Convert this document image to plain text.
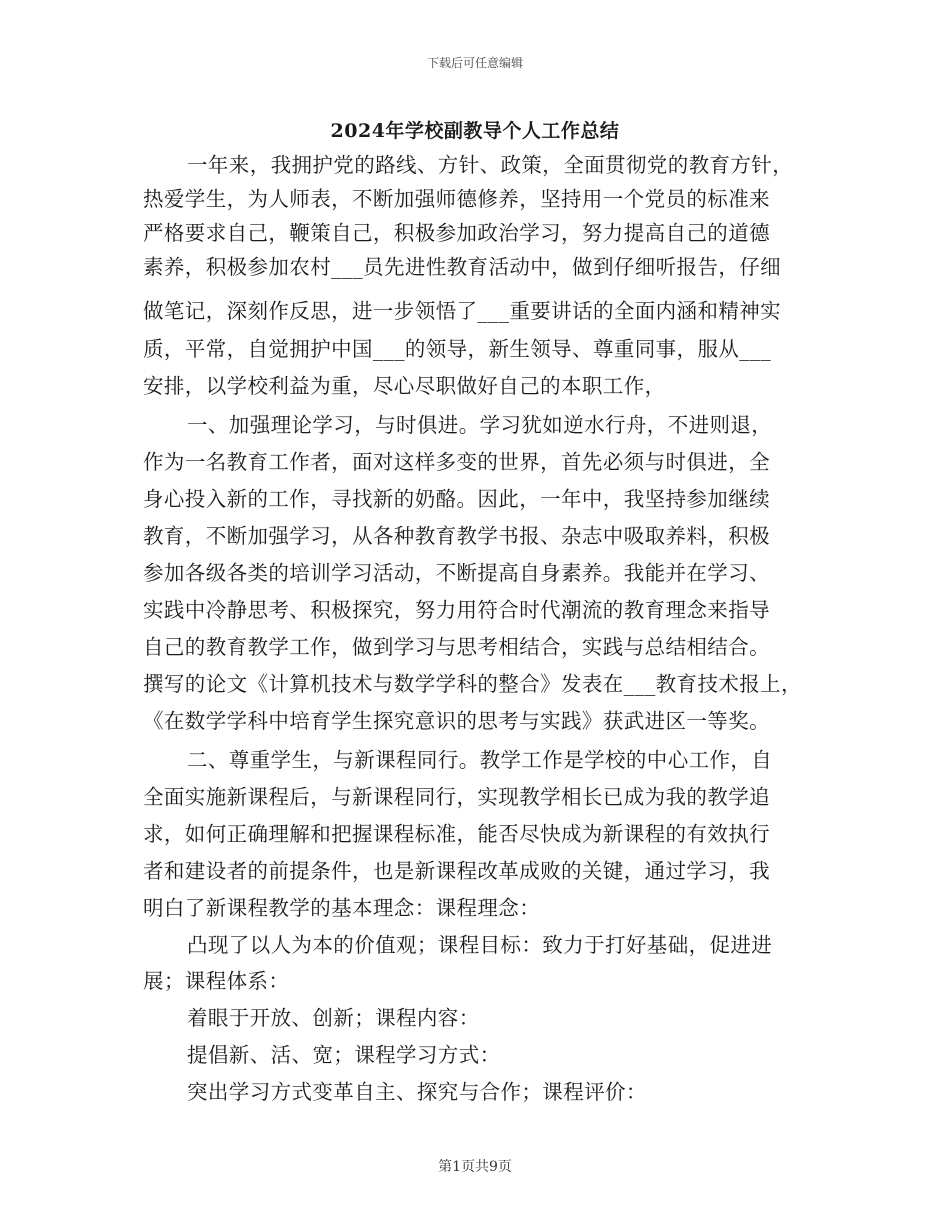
下载后可任意编辑
2024年学校副教导个人工作总结
一年来，我拥护党的路线、方针、政策，全面贯彻党的教育方针，
热爱学生，为人师表，不断加强师德修养，坚持用一个党员的标准来
严格要求自己，鞭策自己，积极参加政治学习，努力提高自己的道德
素养，积极参加农村___员先进性教育活动中，做到仔细听报告，仔细
做笔记，深刻作反思，进一步领悟了___重要讲话的全面内涵和精神实
质，平常，自觉拥护中国___的领导，新生领导、尊重同事，服从___
安排，以学校利益为重，尽心尽职做好自己的本职工作，
一、加强理论学习，与时俱进。学习犹如逆水行舟，不进则退，
作为一名教育工作者，面对这样多变的世界，首先必须与时俱进，全
身心投入新的工作，寻找新的奶酪。因此，一年中，我坚持参加继续
教育，不断加强学习，从各种教育教学书报、杂志中吸取养料，积极
参加各级各类的培训学习活动，不断提高自身素养。我能并在学习、
实践中冷静思考、积极探究，努力用符合时代潮流的教育理念来指导
自己的教育教学工作，做到学习与思考相结合，实践与总结相结合。
撰写的论文《计算机技术与数学学科的整合》发表在___教育技术报上，
《在数学学科中培育学生探究意识的思考与实践》获武进区一等奖。
二、尊重学生，与新课程同行。教学工作是学校的中心工作，自
全面实施新课程后，与新课程同行，实现教学相长已成为我的教学追
求，如何正确理解和把握课程标准，能否尽快成为新课程的有效执行
者和建设者的前提条件，也是新课程改革成败的关键，通过学习，我
明白了新课程教学的基本理念：课程理念：
凸现了以人为本的价值观；课程目标：致力于打好基础，促进进
展；课程体系：
着眼于开放、创新；课程内容：
提倡新、活、宽；课程学习方式：
突出学习方式变革自主、探究与合作；课程评价：
第1页共9页
